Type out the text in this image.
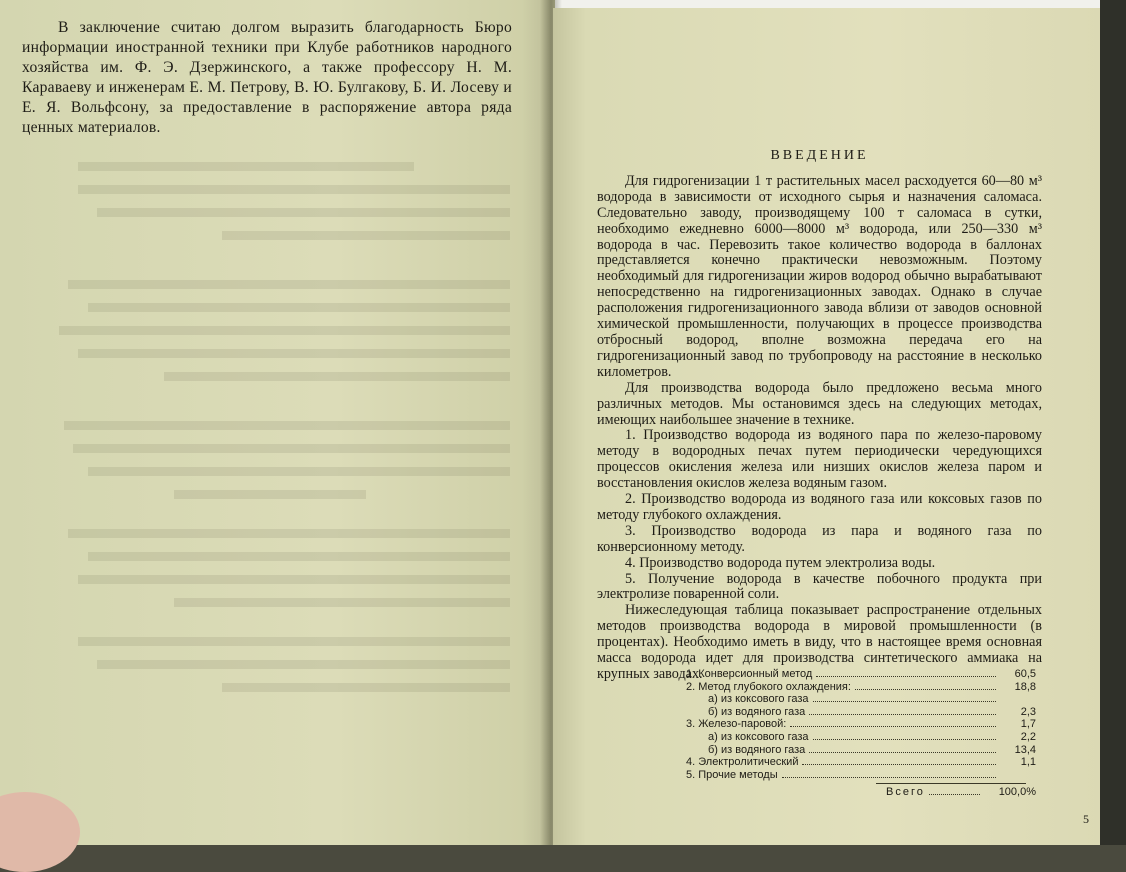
В заключение считаю долгом выразить благодарность Бюро информации иностранной техники при Клубе работников народного хозяйства им. Ф. Э. Дзержинского, а также профессору Н. М. Караваеву и инженерам Е. М. Петрову, В. Ю. Булгакову, Б. И. Лосеву и Е. Я. Вольфсону, за предоставление в распоряжение автора ряда ценных материалов.

ВВЕДЕНИЕ

Для гидрогенизации 1 т растительных масел расходуется 60—80 м³ водорода в зависимости от исходного сырья и назначения саломаса. Следовательно заводу, производящему 100 т саломаса в сутки, необходимо ежедневно 6000—8000 м³ водорода, или 250—330 м³ водорода в час. Перевозить такое количество водорода в баллонах представляется конечно практически невозможным. Поэтому необходимый для гидрогенизации жиров водород обычно вырабатывают непосредственно на гидрогенизационных заводах. Однако в случае расположения гидрогенизационного завода вблизи от заводов основной химической промышленности, получающих в процессе производства отбросный водород, вполне возможна передача его на гидрогенизационный завод по трубопроводу на расстояние в несколько километров.

Для производства водорода было предложено весьма много различных методов. Мы остановимся здесь на следующих методах, имеющих наибольшее значение в технике.

1. Производство водорода из водяного пара по железо-паровому методу в водородных печах путем периодически чередующихся процессов окисления железа или низших окислов железа паром и восстановления окислов железа водяным газом.

2. Производство водорода из водяного газа или коксовых газов по методу глубокого охлаждения.

3. Производство водорода из пара и водяного газа по конверсионному методу.

4. Производство водорода путем электролиза воды.

5. Получение водорода в качестве побочного продукта при электролизе поваренной соли.

Нижеследующая таблица показывает распространение отдельных методов производства водорода в мировой промышленности (в процентах). Необходимо иметь в виду, что в настоящее время основная масса водорода идет для производства синтетического аммиака на крупных заводах.

1. Конверсионный метод	60,5
2. Метод глубокого охлаждения:	18,8
а) из коксового газа
б) из водяного газа	2,3
3. Железо-паровой:	1,7
а) из коксового газа	2,2
б) из водяного газа	13,4
4. Электролитический	1,1
5. Прочие методы
Всего	100,0%
5
